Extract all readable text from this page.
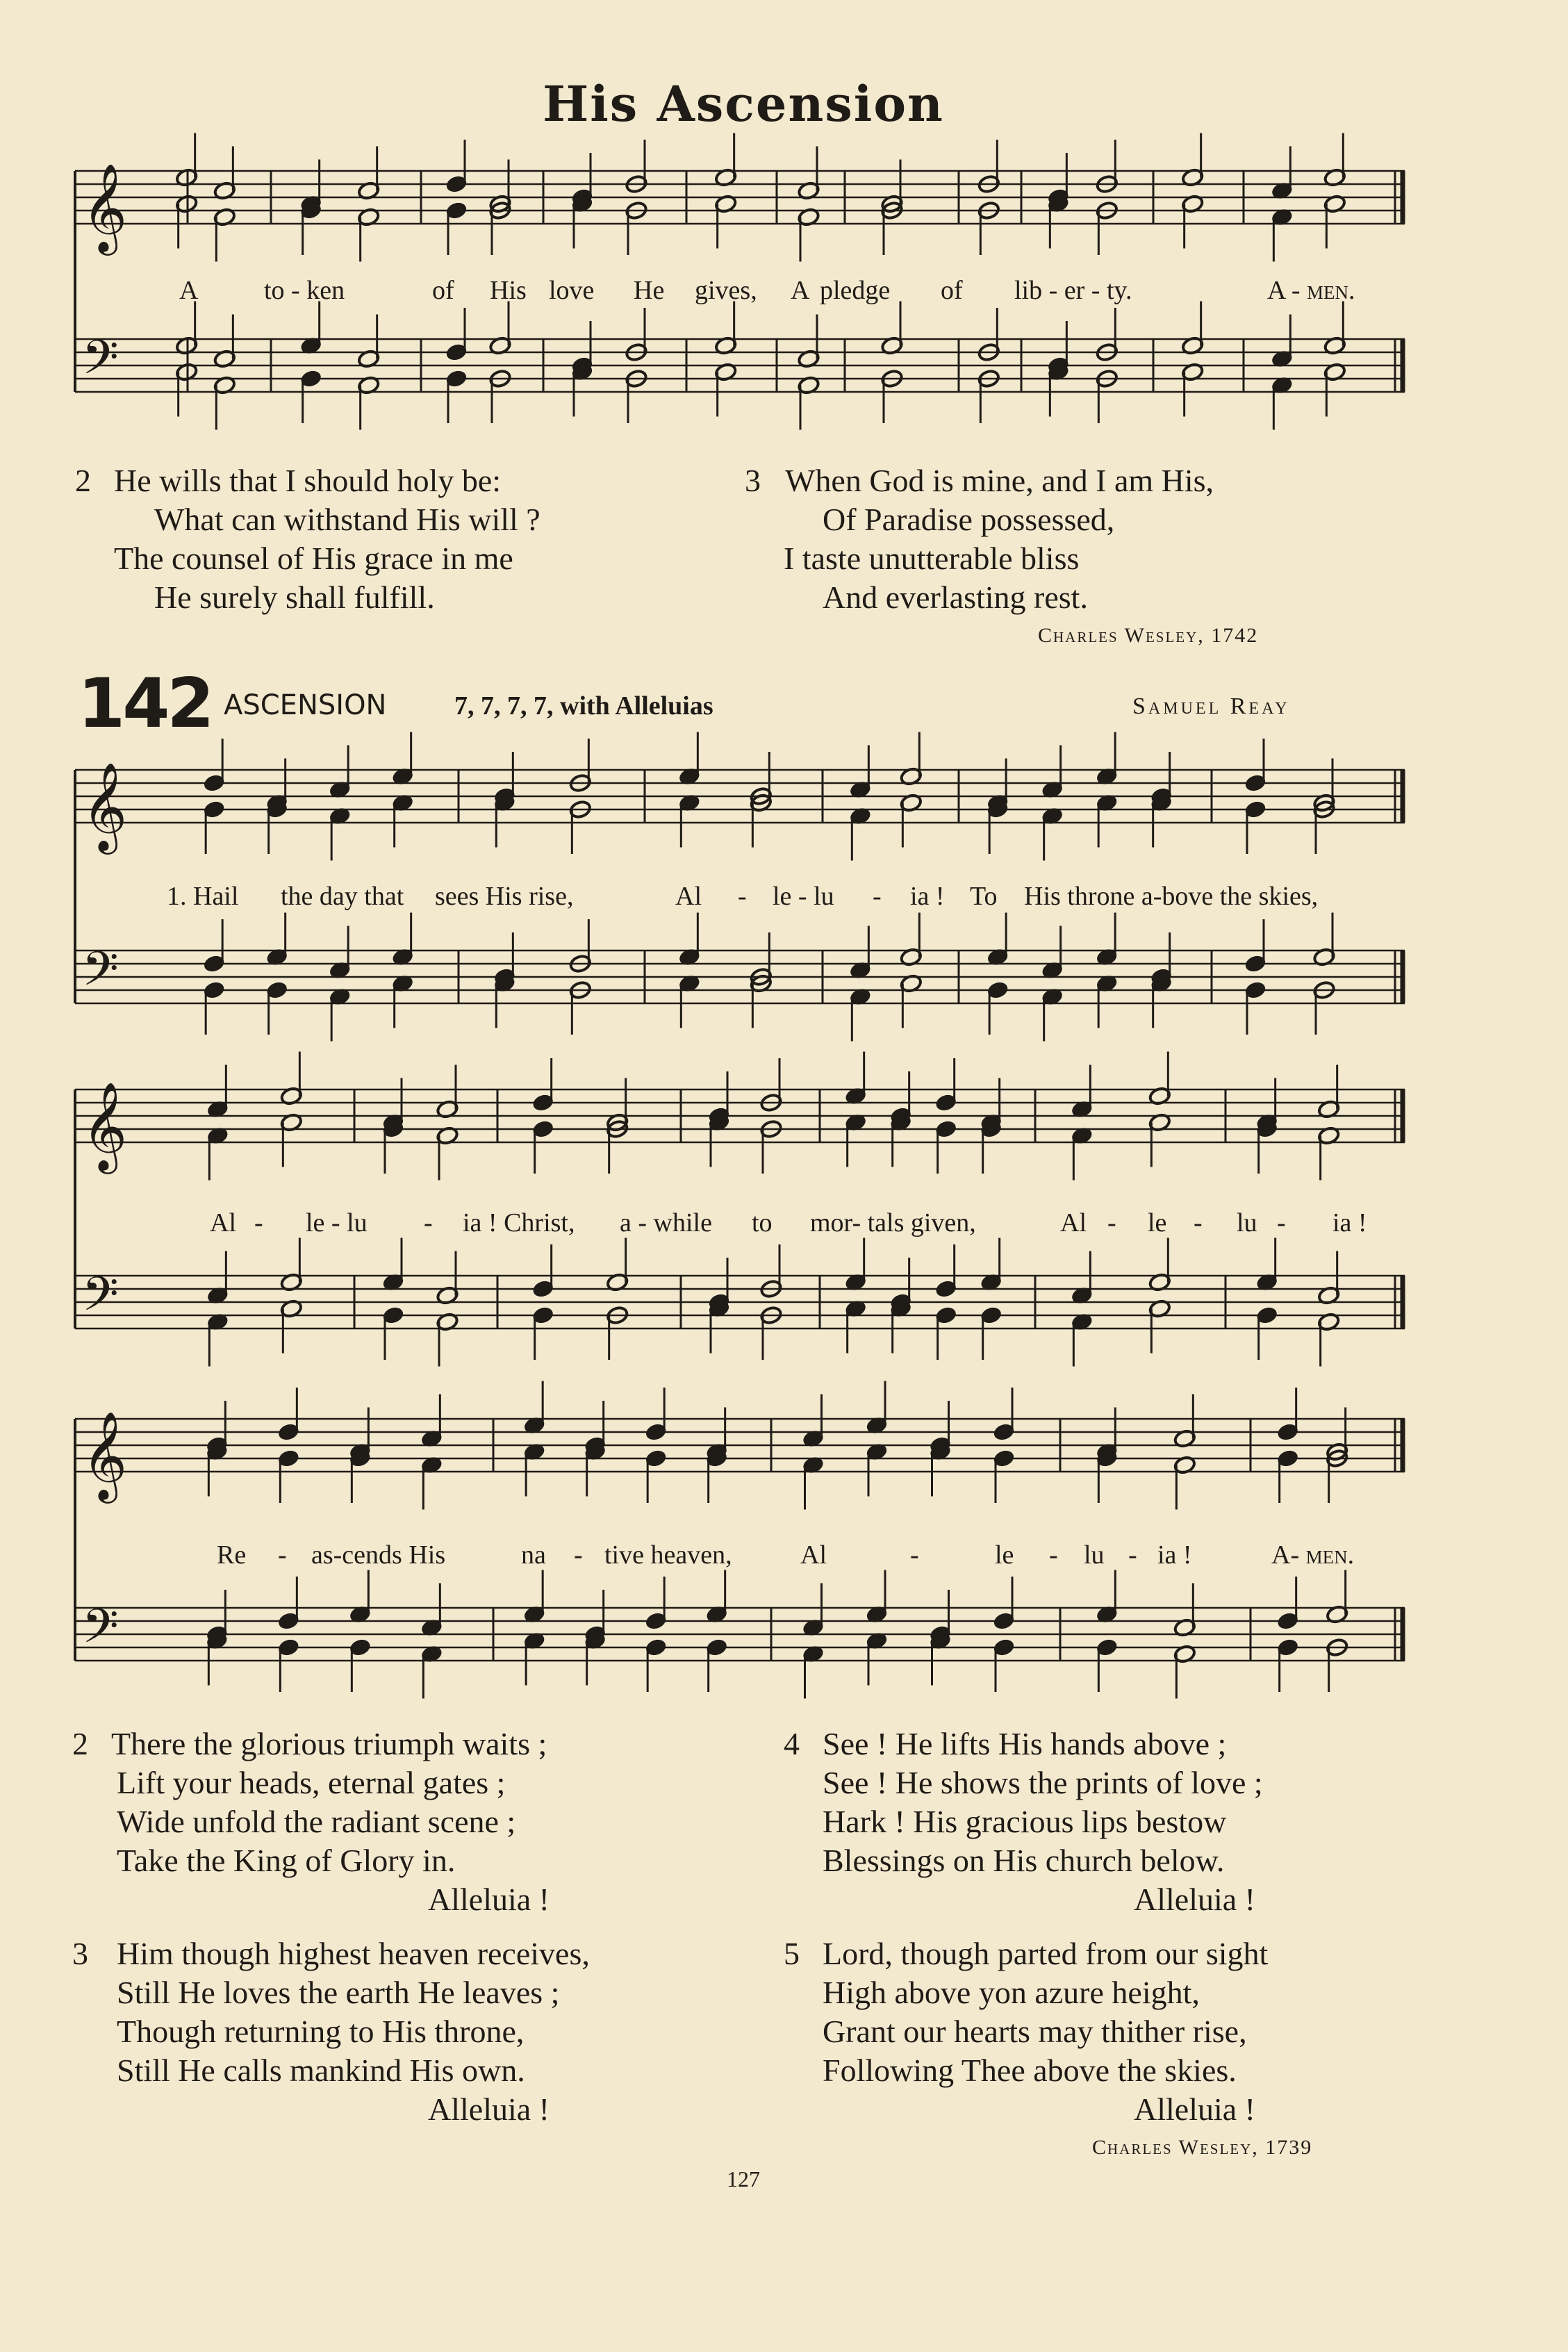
His Ascension
𝄞
𝄢
𝄞
𝄢
𝄞
𝄢
𝄞
𝄢
A to - ken	of His love He gives, A pledge of lib - er - ty.	A - men.
2 He wills that I should holy be:
What can withstand His will ?
The counsel of His grace in me
He surely shall fulfill.
3 When God is mine, and I am His,
Of Paradise possessed,
I taste unutterable bliss
And everlasting rest.
Charles Wesley, 1742
142 ASCENSION	7, 7, 7, 7, with Alleluias	Samuel Reay
1. Hail the day that sees His rise,	Al - le - lu - ia ! To His throne a-bove the skies,
Al - le - lu - ia ! Christ, a - while to mor- tals given,	Al - le - lu - ia !
Re - as-cends His	na - tive heaven,	Al	-	le - lu - ia !	A- men.
2 There the glorious triumph waits ;
Lift your heads, eternal gates ;
Wide unfold the radiant scene ;
Take the King of Glory in.
Alleluia !
3 Him though highest heaven receives,
Still He loves the earth He leaves ;
Though returning to His throne,
Still He calls mankind His own.
Alleluia !
4 See ! He lifts His hands above ;
See ! He shows the prints of love ;
Hark ! His gracious lips bestow
Blessings on His church below.
Alleluia !
5 Lord, though parted from our sight
High above yon azure height,
Grant our hearts may thither rise,
Following Thee above the skies.
Alleluia !
Charles Wesley, 1739
127
